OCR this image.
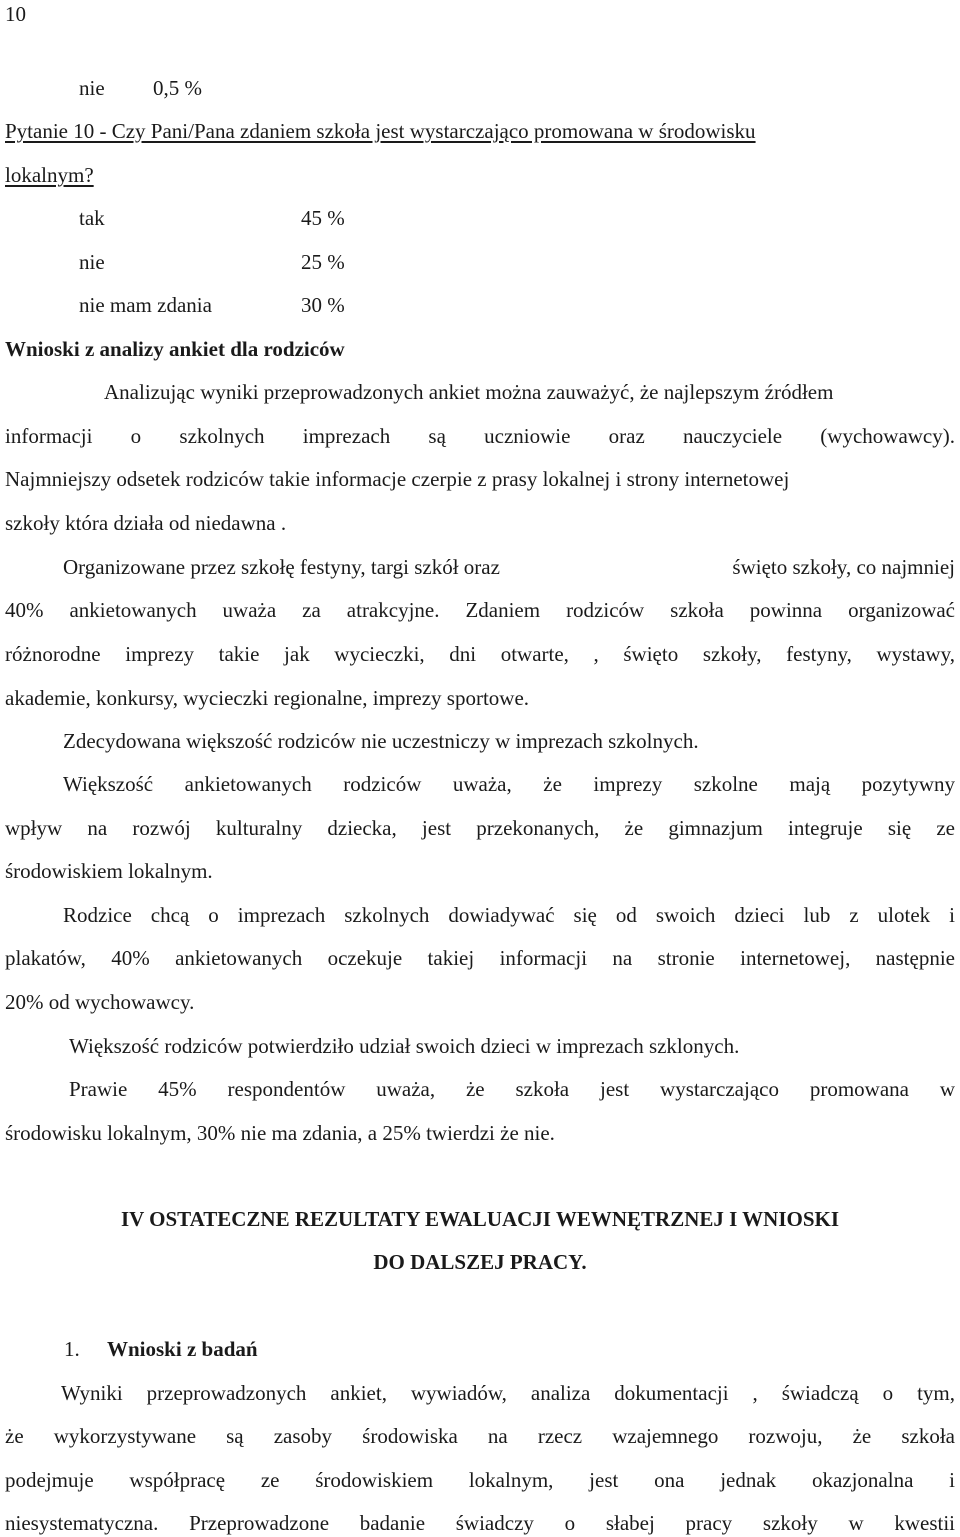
10
nie 0,5 %
Pytanie 10 - Czy Pani/Pana zdaniem szkoła jest wystarczająco promowana w środowisku
lokalnym?
tak	45 %
nie	25 %
nie mam zdania	30 %
Wnioski z analizy ankiet dla rodziców
Analizując wyniki przeprowadzonych ankiet można zauważyć, że najlepszym źródłem
informacji o szkolnych imprezach są uczniowie oraz nauczyciele (wychowawcy).
Najmniejszy odsetek rodziców takie informacje czerpie z prasy lokalnej i strony internetowej
szkoły która działa od niedawna .
Organizowane przez szkołę festyny, targi szkół oraz	święto szkoły, co najmniej
40% ankietowanych uważa za atrakcyjne. Zdaniem rodziców szkoła powinna organizować
różnorodne imprezy takie jak wycieczki, dni otwarte, , święto szkoły, festyny, wystawy,
akademie, konkursy, wycieczki regionalne, imprezy sportowe.
Zdecydowana większość rodziców nie uczestniczy w imprezach szkolnych.
Większość ankietowanych rodziców uważa, że imprezy szkolne mają pozytywny
wpływ na rozwój kulturalny dziecka, jest przekonanych, że gimnazjum integruje się ze
środowiskiem lokalnym.
Rodzice chcą o imprezach szkolnych dowiadywać się od swoich dzieci lub z ulotek i
plakatów, 40% ankietowanych oczekuje takiej informacji na stronie internetowej, następnie
20% od wychowawcy.
Większość rodziców potwierdziło udział swoich dzieci w imprezach szklonych.
Prawie 45% respondentów uważa, że szkoła jest wystarczająco promowana w
środowisku lokalnym, 30% nie ma zdania, a 25% twierdzi że nie.
IV OSTATECZNE REZULTATY EWALUACJI WEWNĘTRZNEJ I WNIOSKI
DO DALSZEJ PRACY.
1. Wnioski z badań
Wyniki przeprowadzonych ankiet, wywiadów, analiza dokumentacji , świadczą o tym,
że wykorzystywane są zasoby środowiska na rzecz wzajemnego rozwoju, że szkoła
podejmuje współpracę ze środowiskiem lokalnym, jest ona jednak okazjonalna i
niesystematyczna. Przeprowadzone badanie świadczy o słabej pracy szkoły w kwestii
